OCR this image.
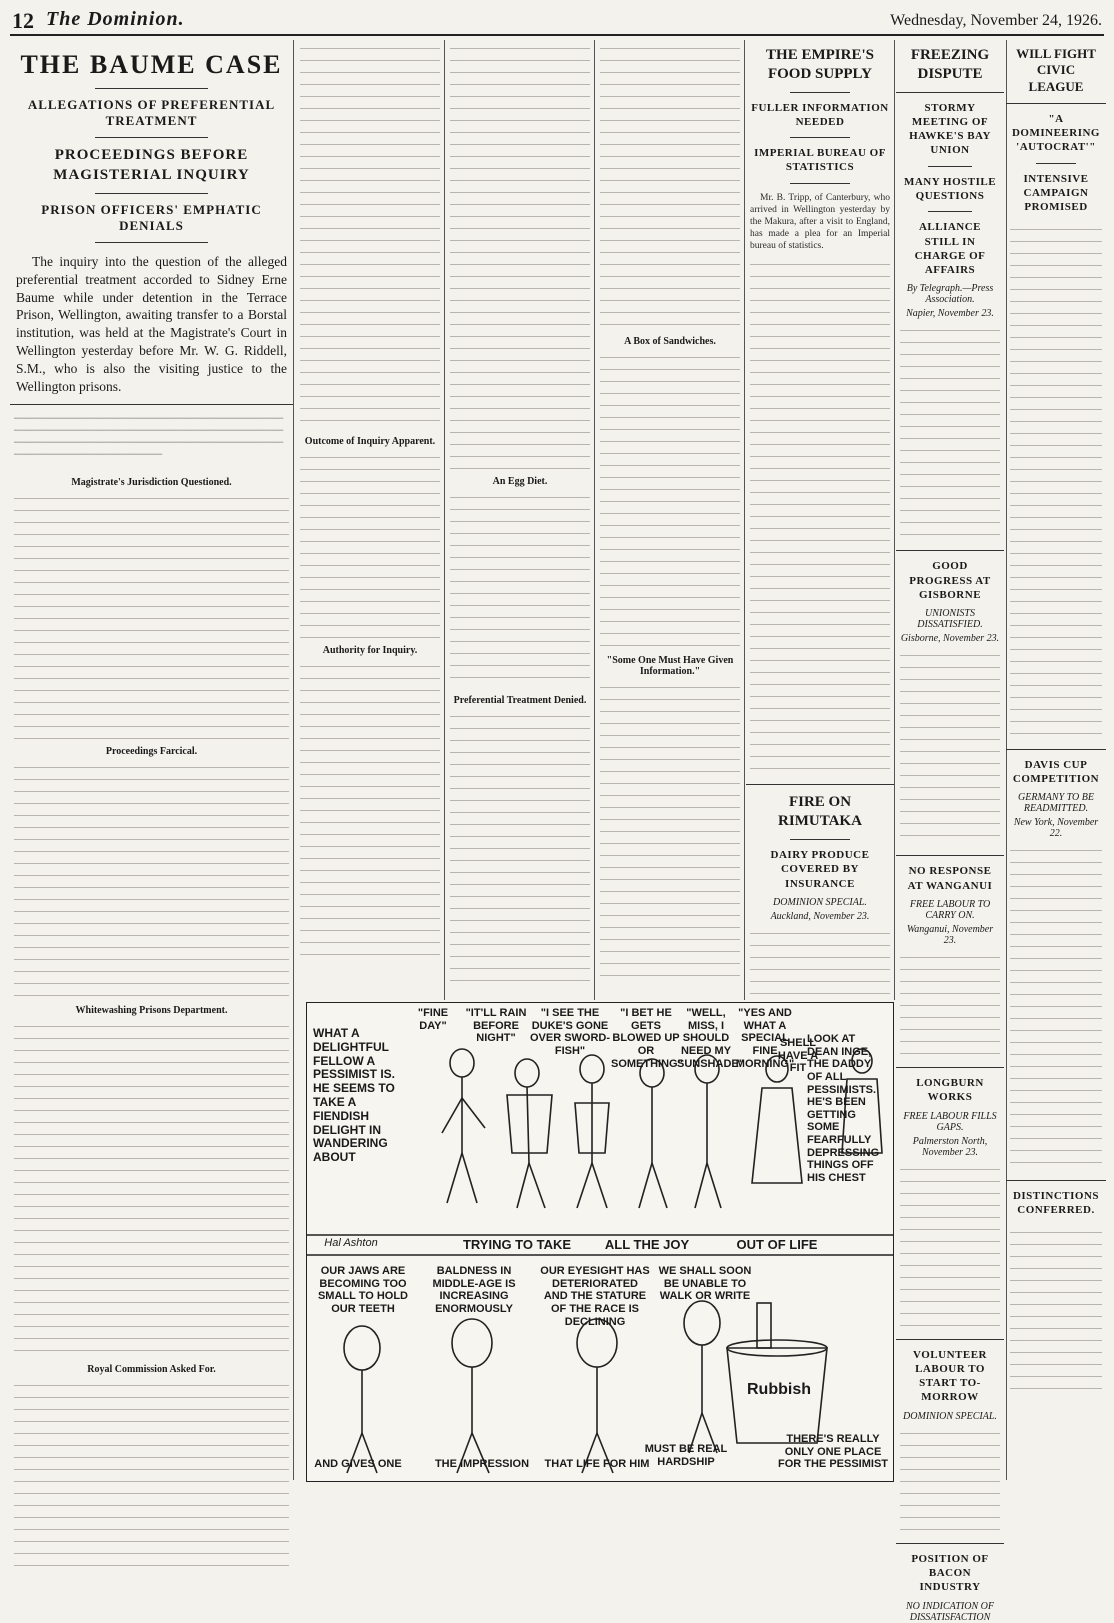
12 The Dominion.	Wednesday, November 24, 1926.
THE BAUME CASE
ALLEGATIONS OF PREFERENTIAL TREATMENT
PROCEEDINGS BEFORE MAGISTERIAL INQUIRY
PRISON OFFICERS' EMPHATIC DENIALS
The inquiry into the question of the alleged preferential treatment accorded to Sidney Erne Baume while under detention in the Terrace Prison, Wellington, awaiting transfer to a Borstal institution, was held at the Magistrate's Court in Wellington yesterday before Mr. W. G. Riddell, S.M., who is also the visiting justice to the Wellington prisons.
──────────────────────────────────────────────────────────────────────────────────────────────────────────────────────────────────────────────
Magistrate's Jurisdiction Questioned.
Proceedings Farcical.
Whitewashing Prisons Department.
Royal Commission Asked For.
Outcome of Inquiry Apparent.
Authority for Inquiry.
An Egg Diet.
Preferential Treatment Denied.
A Box of Sandwiches.
"Some One Must Have Given Information."
THE EMPIRE'S FOOD SUPPLY
FULLER INFORMATION NEEDED
IMPERIAL BUREAU OF STATISTICS
Mr. B. Tripp, of Canterbury, who arrived in Wellington yesterday by the Makura, after a visit to England, has made a plea for an Imperial bureau of statistics.
FIRE ON RIMUTAKA
DAIRY PRODUCE COVERED BY INSURANCE
DOMINION SPECIAL.
Auckland, November 23.
FREEZING DISPUTE
STORMY MEETING OF HAWKE'S BAY UNION
MANY HOSTILE QUESTIONS
ALLIANCE STILL IN CHARGE OF AFFAIRS
By Telegraph.—Press Association.
Napier, November 23.
GOOD PROGRESS AT GISBORNE
UNIONISTS DISSATISFIED.
Gisborne, November 23.
NO RESPONSE AT WANGANUI
FREE LABOUR TO CARRY ON.
Wanganui, November 23.
LONGBURN WORKS
FREE LABOUR FILLS GAPS.
Palmerston North, November 23.
VOLUNTEER LABOUR TO START TO-MORROW
DOMINION SPECIAL.
POSITION OF BACON INDUSTRY
NO INDICATION OF DISSATISFACTION
WILL FIGHT CIVIC LEAGUE
"A DOMINEERING 'AUTOCRAT'"
INTENSIVE CAMPAIGN PROMISED
DAVIS CUP COMPETITION
GERMANY TO BE READMITTED.
New York, November 22.
DISTINCTIONS CONFERRED.
WHAT A DELIGHTFUL FELLOW A PESSIMIST IS. HE SEEMS TO TAKE A FIENDISH DELIGHT IN WANDERING ABOUT
"FINE DAY"
"IT'LL RAIN BEFORE NIGHT"
"I SEE THE DUKE'S GONE OVER SWORD-FISH"
"I BET HE GETS BLOWED UP OR SOMETHING"
"WELL, MISS, I SHOULD NEED MY SUNSHADE"
"YES AND WHAT A SPECIAL FINE MORNING"
SHELL HAVE A FIT
LOOK AT DEAN INGE, THE DADDY OF ALL PESSIMISTS. HE'S BEEN GETTING SOME FEARFULLY DEPRESSING THINGS OFF HIS CHEST
TRYING TO TAKE	ALL THE JOY	OUT OF LIFE
Hal Ashton
OUR JAWS ARE BECOMING TOO SMALL TO HOLD OUR TEETH
BALDNESS IN MIDDLE-AGE IS INCREASING ENORMOUSLY
OUR EYESIGHT HAS DETERIORATED AND THE STATURE OF THE RACE IS DECLINING
WE SHALL SOON BE UNABLE TO WALK OR WRITE
AND GIVES ONE	THE IMPRESSION	THAT LIFE FOR HIM
MUST BE REAL HARDSHIP
THERE'S REALLY ONLY ONE PLACE FOR THE PESSIMIST
Rubbish
